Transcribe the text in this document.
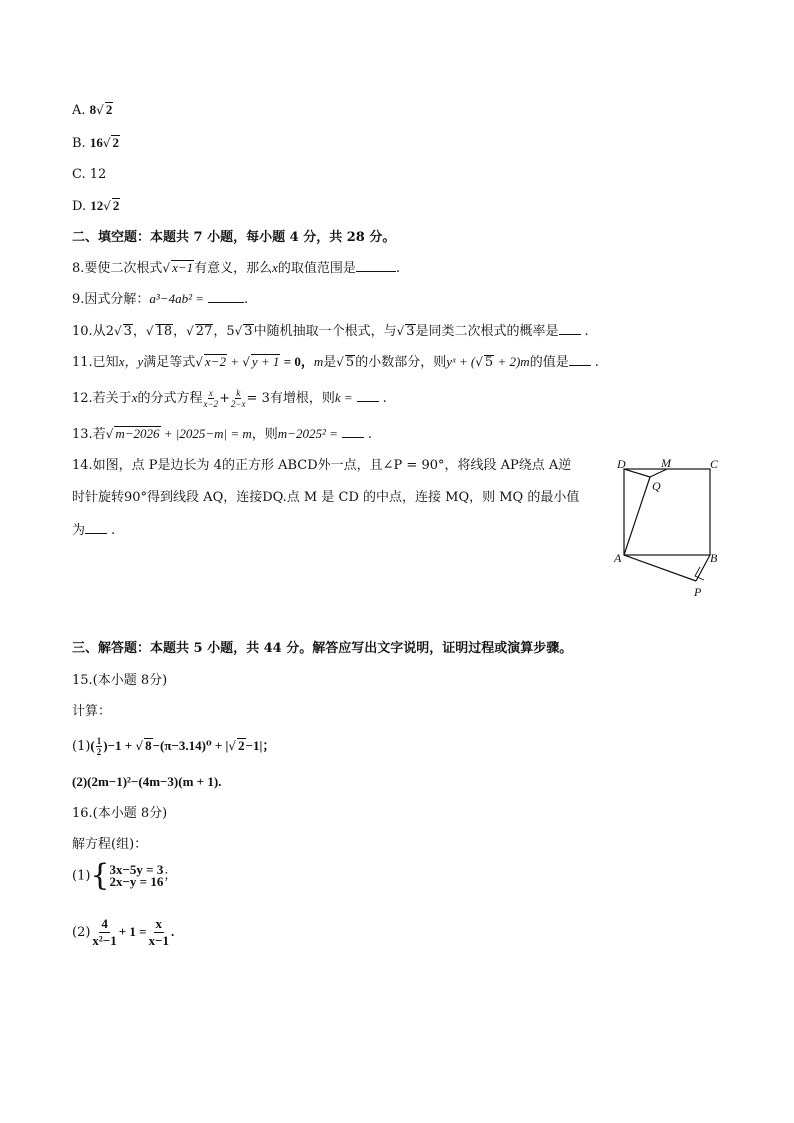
A. 8√ 2
B. 16√ 2
C. 12
D. 12√ 2
二、填空题：本题共 7 小题，每小题 4 分，共 28 分。
8.要使二次根式√ x−1有意义，那么x的取值范围是	.
9.因式分解：a³−4ab² =	.
10.从2√ 3，√ 18，√ 27，5√ 3中随机抽取一个根式，与√ 3是同类二次根式的概率是 .
11.已知x，y满足等式√ x−2 + √ y + 1 = 0，m是√ 5的小数部分，则yˣ + (√ 5 + 2)m的值是 .
12.若关于x的分式方程 $\frac{x}{x-2} + \frac{k}{2-x} = 3$有增根，则k = .
13.若√ m−2026 + |2025−m| = m，则m−2025² = .
14.如图，点 P是边长为 4的正方形 ABCD外一点，且∠P = 90°，将线段 AP绕点 A逆
时针旋转90°得到线段 AQ，连接DQ.点 M 是 CD 的中点，连接 MQ，则 MQ 的最小值
为 .
D	M	C
Q
A	B
P
三、解答题：本题共 5 小题，共 44 分。解答应写出文字说明，证明过程或演算步骤。
15.(本小题 8分)
计算：
$(1)( \frac{1}{2} )-1$ + √ 8−(π−3.14)⁰ + |√ 2−1|；
(2)(2m−1)²−(4m−3)(m + 1).
16.(本小题 8分)
解方程(组)：
(1){ 3x−5y = 3
2x−y = 16 ；
$(2) \frac{4}{\text{x²−1}} + 1 = \frac{x}{x-1}$ .
